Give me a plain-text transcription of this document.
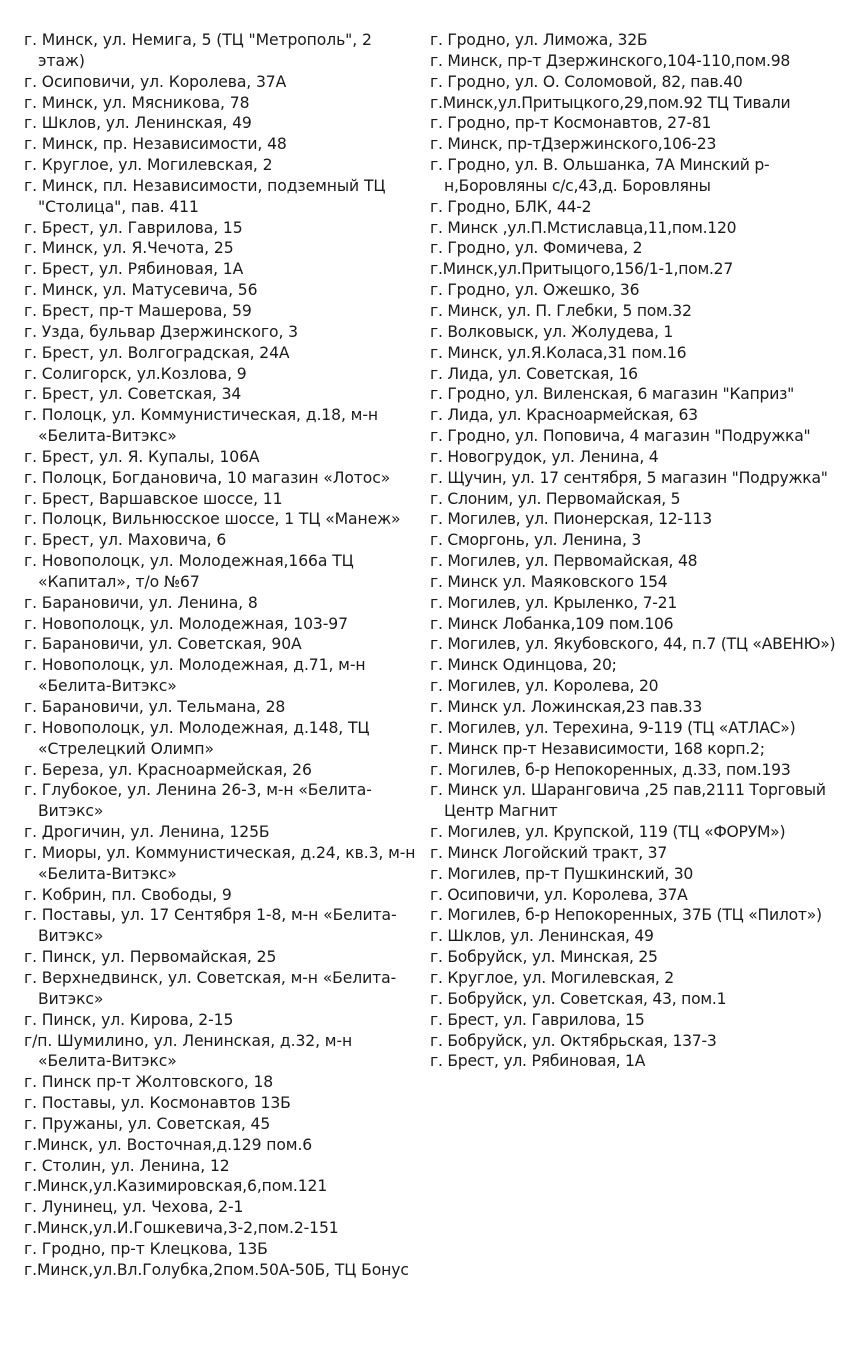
г. Минск, ул. Немига, 5 (ТЦ "Метрополь", 2 этаж)
г. Осиповичи, ул. Королева, 37А
г. Минск, ул. Мясникова, 78
г. Шклов, ул. Ленинская, 49
г. Минск, пр. Независимости, 48
г. Круглое, ул. Могилевская, 2
г. Минск, пл. Независимости, подземный ТЦ "Столица", пав. 411
г. Брест, ул. Гаврилова, 15
г. Минск, ул. Я.Чечота, 25
г. Брест, ул. Рябиновая, 1А
г. Минск, ул. Матусевича, 56
г. Брест, пр-т Машерова, 59
г. Узда, бульвар Дзержинского, 3
г. Брест, ул. Волгоградская, 24А
г. Солигорск, ул.Козлова, 9
г. Брест, ул. Советская, 34
г. Полоцк, ул. Коммунистическая, д.18, м-н «Белита-Витэкс»
г. Брест, ул. Я. Купалы, 106А
г. Полоцк, Богдановича, 10 магазин «Лотос»
г. Брест, Варшавское шоссе, 11
г. Полоцк, Вильнюсское шоссе, 1 ТЦ «Манеж»
г. Брест, ул. Маховича, 6
г. Новополоцк, ул. Молодежная,166а ТЦ «Капитал», т/о №67
г. Барановичи, ул. Ленина, 8
г. Новополоцк, ул. Молодежная, 103-97
г. Барановичи, ул. Советская, 90А
г. Новополоцк, ул. Молодежная, д.71, м-н «Белита-Витэкс»
г. Барановичи, ул. Тельмана, 28
г. Новополоцк, ул. Молодежная, д.148, ТЦ «Стрелецкий Олимп»
г. Береза, ул. Красноармейская, 26
г. Глубокое, ул. Ленина 26-3, м-н «Белита-Витэкс»
г. Дрогичин, ул. Ленина, 125Б
г. Миоры, ул. Коммунистическая, д.24, кв.3, м-н «Белита-Витэкс»
г. Кобрин, пл. Свободы, 9
г. Поставы, ул. 17 Сентября 1-8, м-н «Белита-Витэкс»
г. Пинск, ул. Первомайская, 25
г. Верхнедвинск, ул. Советская, м-н «Белита-Витэкс»
г. Пинск, ул. Кирова, 2-15
г/п. Шумилино, ул. Ленинская, д.32, м-н «Белита-Витэкс»
г. Пинск пр-т Жолтовского, 18
г. Поставы, ул. Космонавтов 13Б
г. Пружаны, ул. Советская, 45
г.Минск, ул. Восточная,д.129 пом.6
г. Столин, ул. Ленина, 12
г.Минск,ул.Казимировская,6,пом.121
г. Лунинец, ул. Чехова, 2-1
г.Минск,ул.И.Гошкевича,3-2,пом.2-151
г. Гродно, пр-т Клецкова, 13Б
г.Минск,ул.Вл.Голубка,2пом.50А-50Б, ТЦ Бонус
г. Гродно, ул. Лиможа, 32Б
г. Минск, пр-т Дзержинского,104-110,пом.98
г. Гродно, ул. О. Соломовой, 82, пав.40
г.Минск,ул.Притыцкого,29,пом.92 ТЦ Тивали
г. Гродно, пр-т Космонавтов, 27-81
г. Минск, пр-тДзержинского,106-23
г. Гродно, ул. В. Ольшанка, 7А Минский р-н,Боровляны с/с,43,д. Боровляны
г. Гродно, БЛК, 44-2
г. Минск ,ул.П.Мстиславца,11,пом.120
г. Гродно, ул. Фомичева, 2
г.Минск,ул.Притыцого,156/1-1,пом.27
г. Гродно, ул. Ожешко, 36
г. Минск, ул. П. Глебки, 5 пом.32
г. Волковыск, ул. Жолудева, 1
г. Минск, ул.Я.Коласа,31 пом.16
г. Лида, ул. Советская, 16
г. Гродно, ул. Виленская, 6 магазин "Каприз"
г. Лида, ул. Красноармейская, 63
г. Гродно, ул. Поповича, 4 магазин "Подружка"
г. Новогрудок, ул. Ленина, 4
г. Щучин, ул. 17 сентября, 5 магазин "Подружка"
г. Слоним, ул. Первомайская, 5
г. Могилев, ул. Пионерская, 12-113
г. Сморгонь, ул. Ленина, 3
г. Могилев, ул. Первомайская, 48
г. Минск ул. Маяковского 154
г. Могилев, ул. Крыленко, 7-21
г. Минск Лобанка,109 пом.106
г. Могилев, ул. Якубовского, 44, п.7 (ТЦ «АВЕНЮ»)
г. Минск Одинцова, 20;
г. Могилев, ул. Королева, 20
г. Минск ул. Ложинская,23 пав.33
г. Могилев, ул. Терехина, 9-119 (ТЦ «АТЛАС»)
г. Минск пр-т Независимости, 168 корп.2;
г. Могилев, б-р Непокоренных, д.33, пом.193
г. Минск ул. Шаранговича ,25 пав,2111 Торговый Центр Магнит
г. Могилев, ул. Крупской, 119 (ТЦ «ФОРУМ»)
г. Минск Логойский тракт, 37
г. Могилев, пр-т Пушкинский, 30
г. Осиповичи, ул. Королева, 37А
г. Могилев, б-р Непокоренных, 37Б (ТЦ «Пилот»)
г. Шклов, ул. Ленинская, 49
г. Бобруйск, ул. Минская, 25
г. Круглое, ул. Могилевская, 2
г. Бобруйск, ул. Советская, 43, пом.1
г. Брест, ул. Гаврилова, 15
г. Бобруйск, ул. Октябрьская, 137-3
г. Брест, ул. Рябиновая, 1А
